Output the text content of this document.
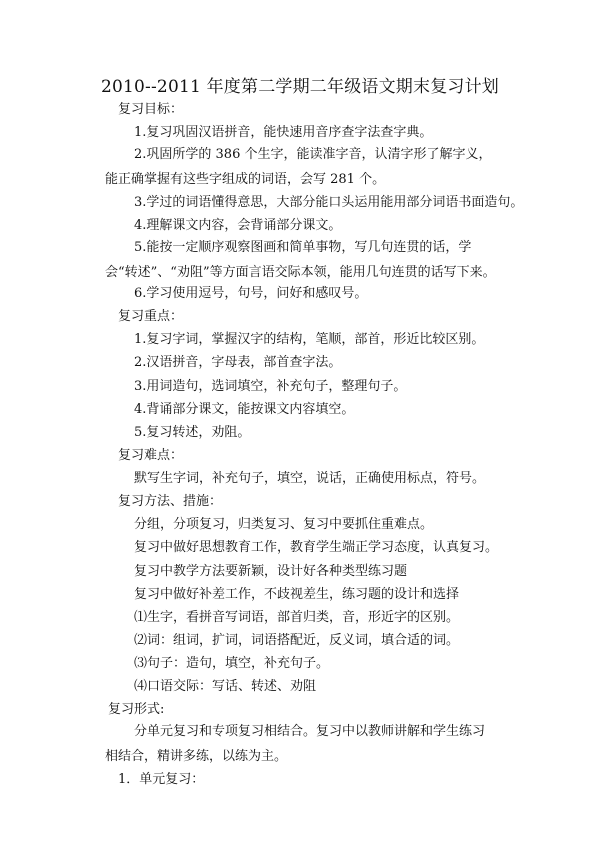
2010--2011 年度第二学期二年级语文期末复习计划
复习目标：
1.复习巩固汉语拼音，能快速用音序查字法查字典。
2.巩固所学的 386 个生字，能读准字音，认清字形了解字义，能正确掌握有这些字组成的词语，会写 281 个。
3.学过的词语懂得意思，大部分能口头运用能用部分词语书面造句。
4.理解课文内容，会背诵部分课文。
5.能按一定顺序观察图画和简单事物，写几句连贯的话，学会“转述”、“劝阻”等方面言语交际本领，能用几句连贯的话写下来。
6.学习使用逗号，句号，问好和感叹号。
复习重点：
1.复习字词，掌握汉字的结构，笔顺，部首，形近比较区别。
2.汉语拼音，字母表，部首查字法。
3.用词造句，选词填空，补充句子，整理句子。
4.背诵部分课文，能按课文内容填空。
5.复习转述，劝阻。
复习难点：
默写生字词，补充句子，填空，说话，正确使用标点，符号。
复习方法、措施：
分组，分项复习，归类复习、复习中要抓住重难点。
复习中做好思想教育工作，教育学生端正学习态度，认真复习。
复习中教学方法要新颖，设计好各种类型练习题
复习中做好补差工作，不歧视差生，练习题的设计和选择
⑴生字，看拼音写词语，部首归类，音，形近字的区别。
⑵词：组词，扩词，词语搭配近，反义词，填合适的词。
⑶句子：造句，填空，补充句子。
⑷口语交际：写话、转述、劝阻
复习形式:
分单元复习和专项复习相结合。复习中以教师讲解和学生练习相结合，精讲多练，以练为主。
1．单元复习：
